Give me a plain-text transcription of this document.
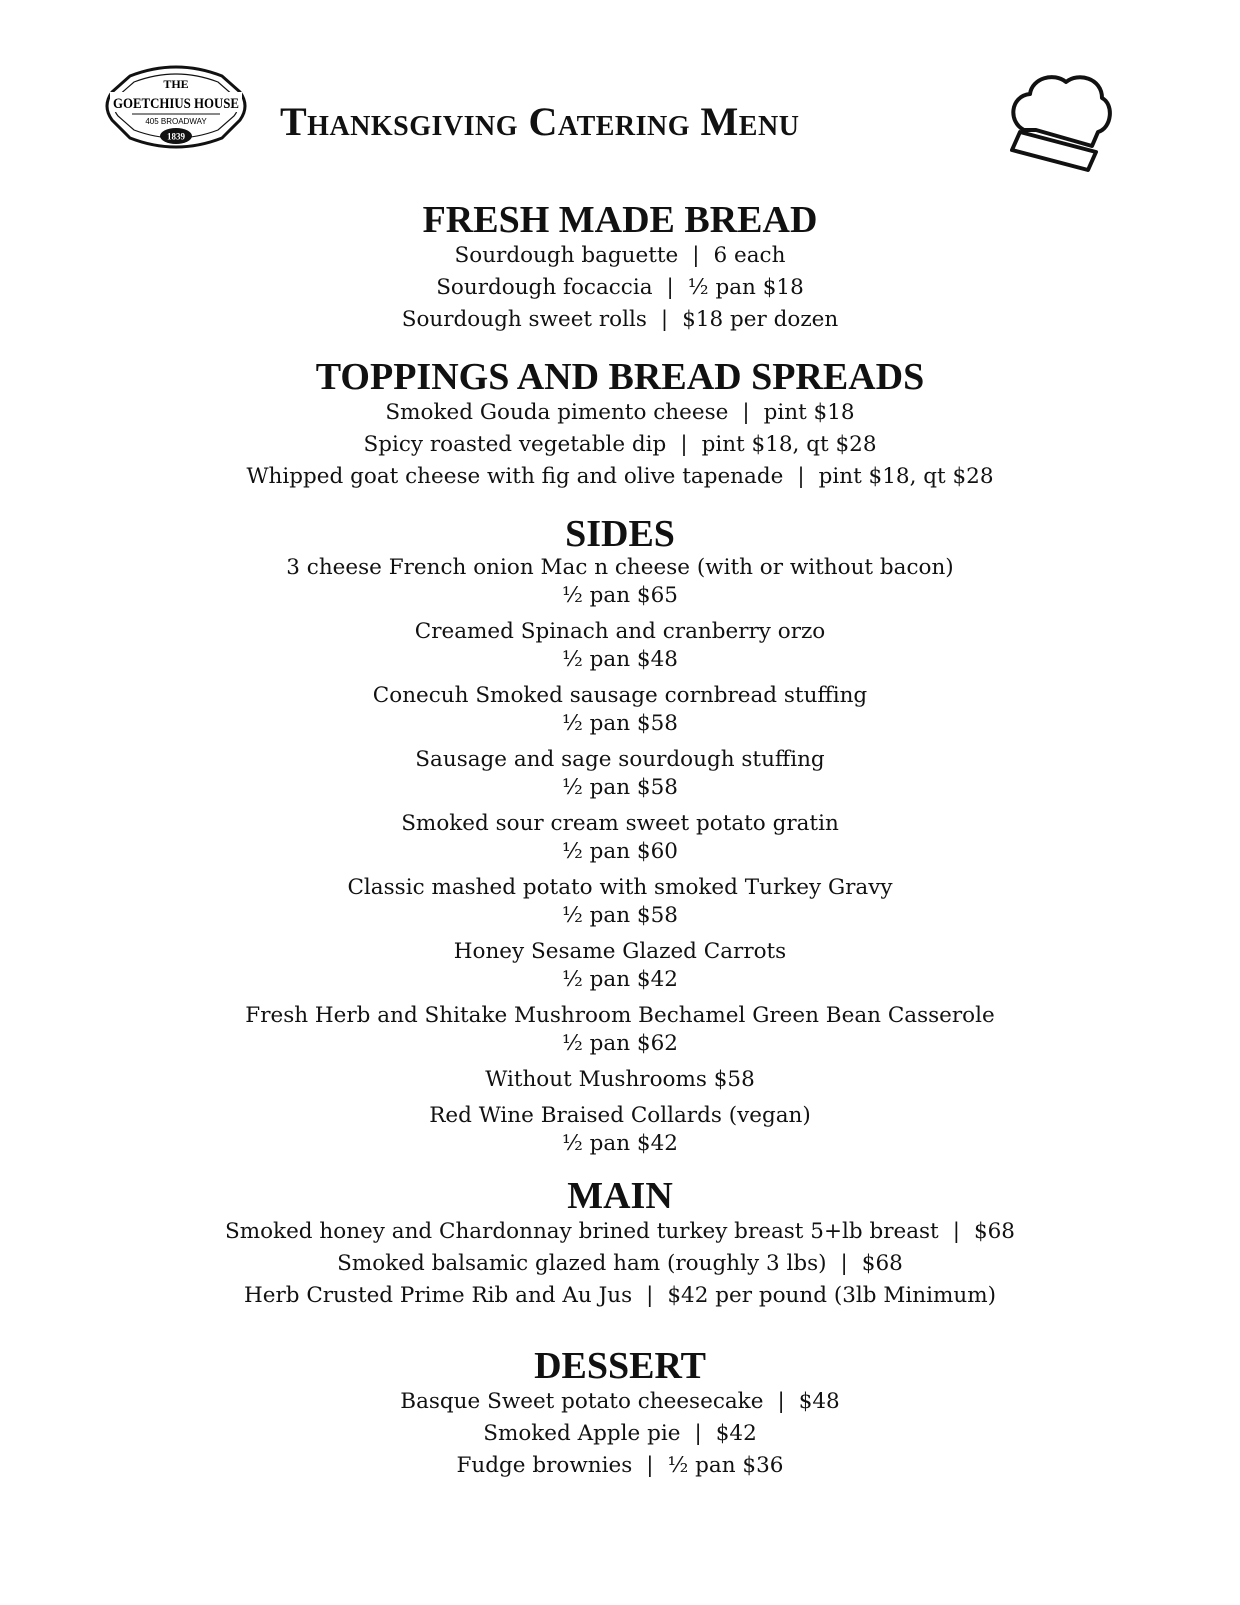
THE
GOETCHIUS HOUSE
405 BROADWAY
1839 Thanksgiving Catering Menu
FRESH MADE BREAD

Sourdough baguette | 6 each

Sourdough focaccia | ½ pan $18

Sourdough sweet rolls | $18 per dozen

TOPPINGS AND BREAD SPREADS

Smoked Gouda pimento cheese | pint $18

Spicy roasted vegetable dip | pint $18, qt $28

Whipped goat cheese with fig and olive tapenade | pint $18, qt $28

SIDES

3 cheese French onion Mac n cheese (with or without bacon)

½ pan $65

Creamed Spinach and cranberry orzo

½ pan $48

Conecuh Smoked sausage cornbread stuffing

½ pan $58

Sausage and sage sourdough stuffing

½ pan $58

Smoked sour cream sweet potato gratin

½ pan $60

Classic mashed potato with smoked Turkey Gravy

½ pan $58

Honey Sesame Glazed Carrots

½ pan $42

Fresh Herb and Shitake Mushroom Bechamel Green Bean Casserole

½ pan $62

Without Mushrooms $58

Red Wine Braised Collards (vegan)

½ pan $42

MAIN

Smoked honey and Chardonnay brined turkey breast 5+lb breast | $68

Smoked balsamic glazed ham (roughly 3 lbs) | $68

Herb Crusted Prime Rib and Au Jus | $42 per pound (3lb Minimum)

DESSERT

Basque Sweet potato cheesecake | $48

Smoked Apple pie | $42

Fudge brownies | ½ pan $36
